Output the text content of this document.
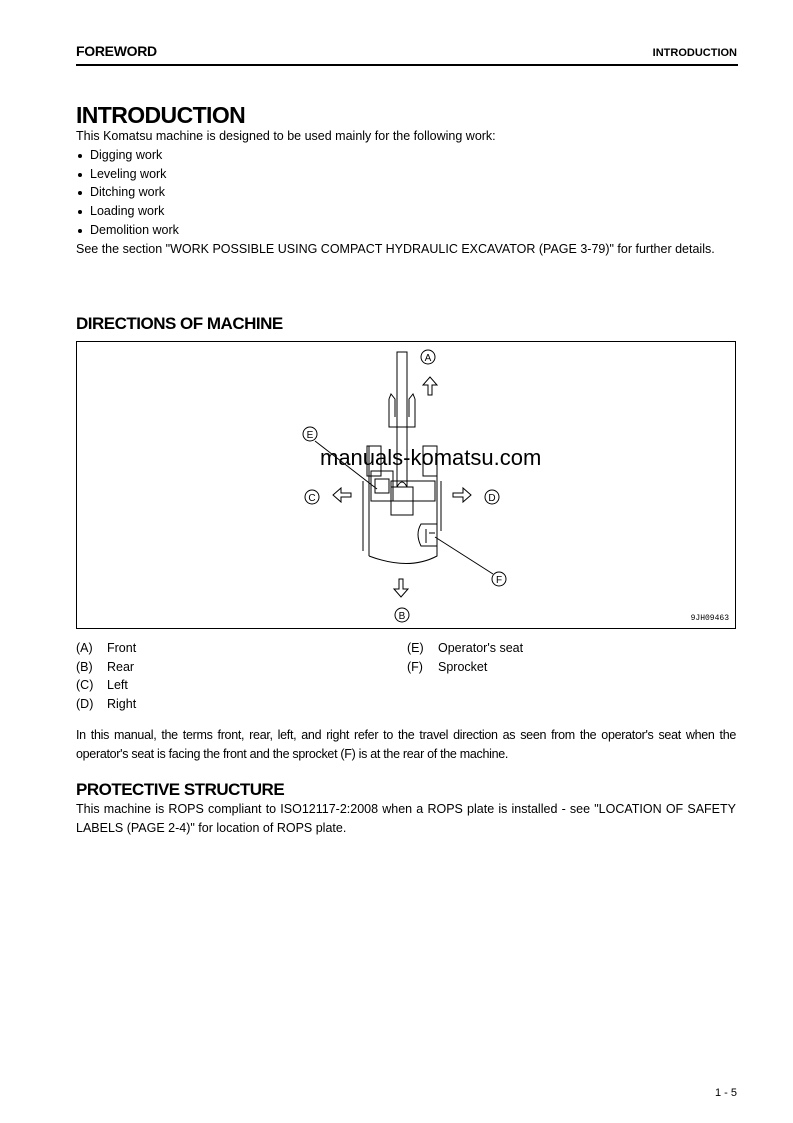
FOREWORD	INTRODUCTION
INTRODUCTION
This Komatsu machine is designed to be used mainly for the following work:
Digging work
Leveling work
Ditching work
Loading work
Demolition work
See the section "WORK POSSIBLE USING COMPACT HYDRAULIC EXCAVATOR (PAGE 3-79)" for further details.
DIRECTIONS OF MACHINE
A
B
C	D
E
F
9JH09463
manuals-komatsu.com
(A) Front
(B) Rear
(C) Left
(D) Right
(E) Operator's seat
(F) Sprocket
In this manual, the terms front, rear, left, and right refer to the travel direction as seen from the operator's seat when the operator's seat is facing the front and the sprocket (F) is at the rear of the machine.
PROTECTIVE STRUCTURE
This machine is ROPS compliant to ISO12117-2:2008 when a ROPS plate is installed - see "LOCATION OF SAFETY LABELS (PAGE 2-4)" for location of ROPS plate.
1 - 5
